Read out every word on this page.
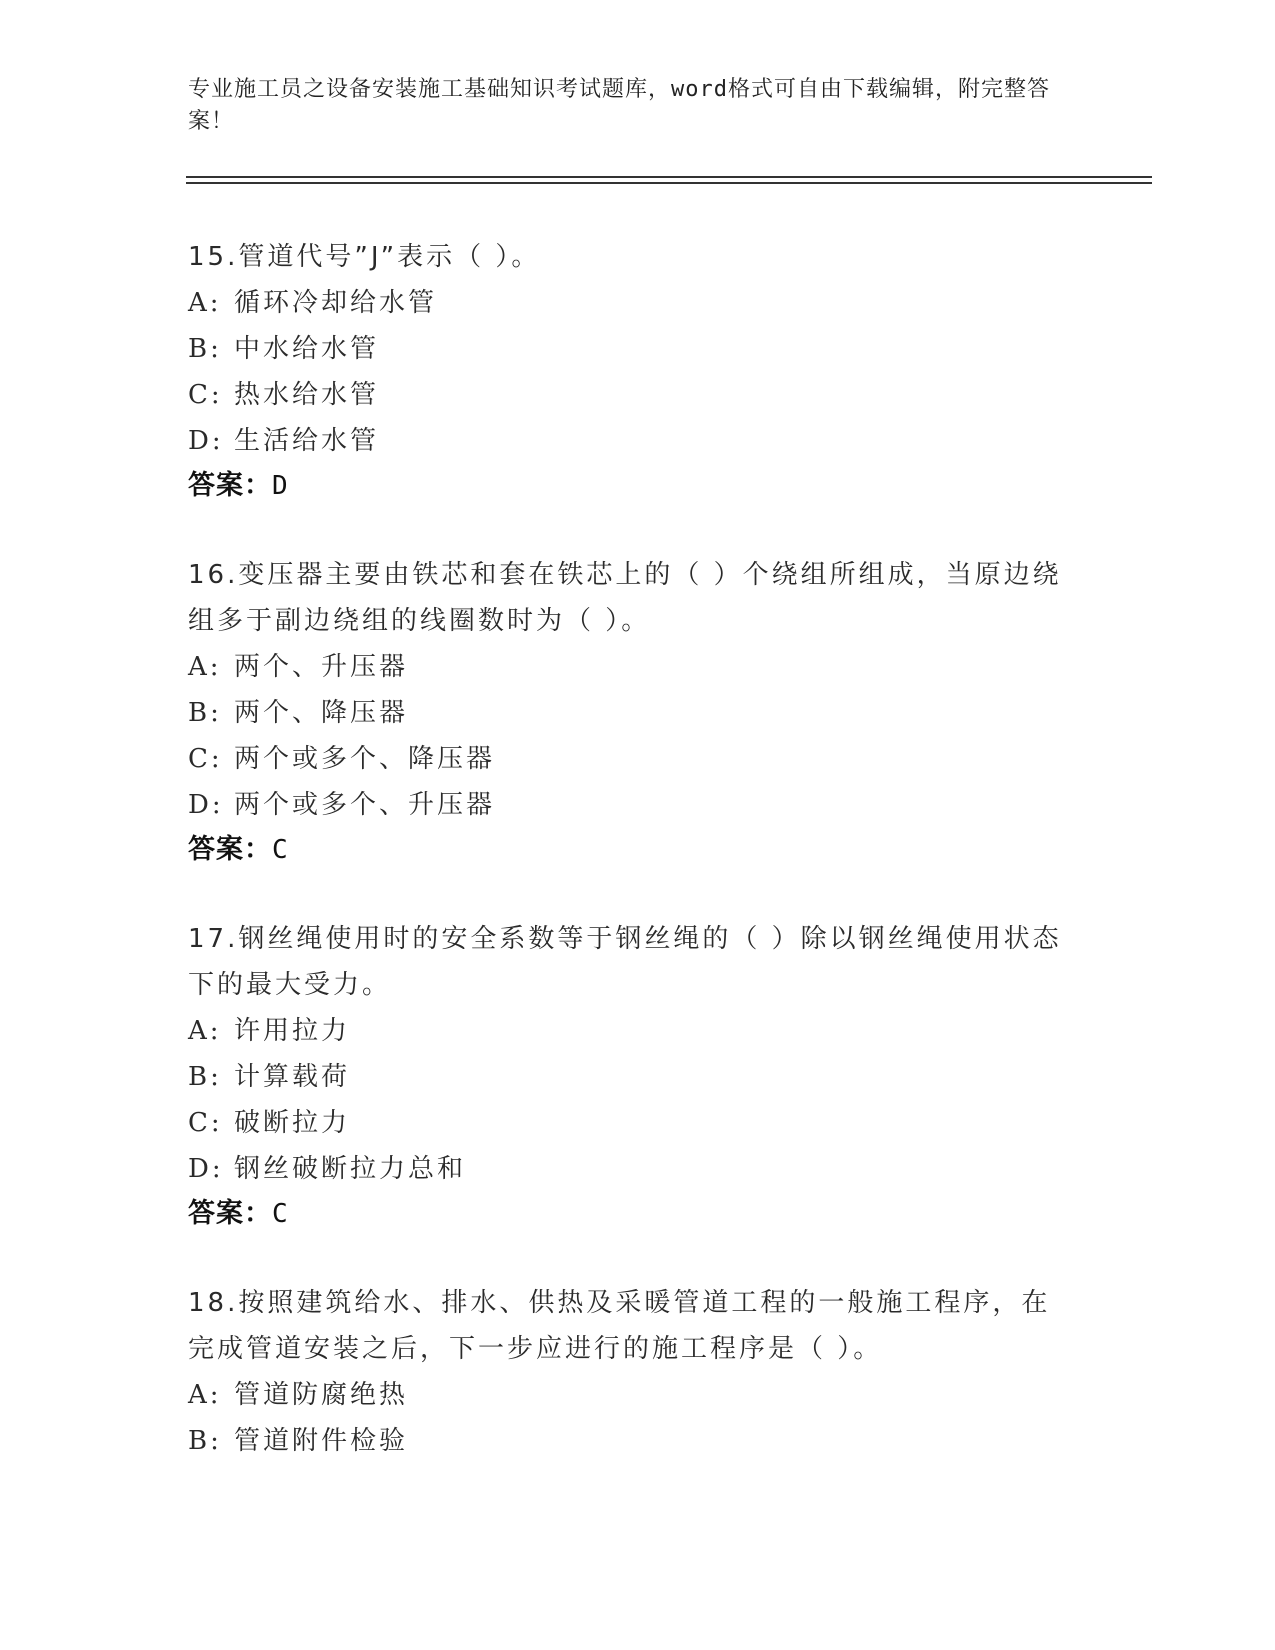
专业施工员之设备安装施工基础知识考试题库，word格式可自由下载编辑，附完整答案！
15.管道代号”J”表示（ ）。
A: 循环冷却给水管
B: 中水给水管
C: 热水给水管
D: 生活给水管
答案：D
16.变压器主要由铁芯和套在铁芯上的（ ）个绕组所组成，当原边绕组多于副边绕组的线圈数时为（ ）。
A: 两个、升压器
B: 两个、降压器
C: 两个或多个、降压器
D: 两个或多个、升压器
答案：C
17.钢丝绳使用时的安全系数等于钢丝绳的（ ）除以钢丝绳使用状态下的最大受力。
A: 许用拉力
B: 计算载荷
C: 破断拉力
D: 钢丝破断拉力总和
答案：C
18.按照建筑给水、排水、供热及采暖管道工程的一般施工程序，在完成管道安装之后，下一步应进行的施工程序是（ ）。
A: 管道防腐绝热
B: 管道附件检验
